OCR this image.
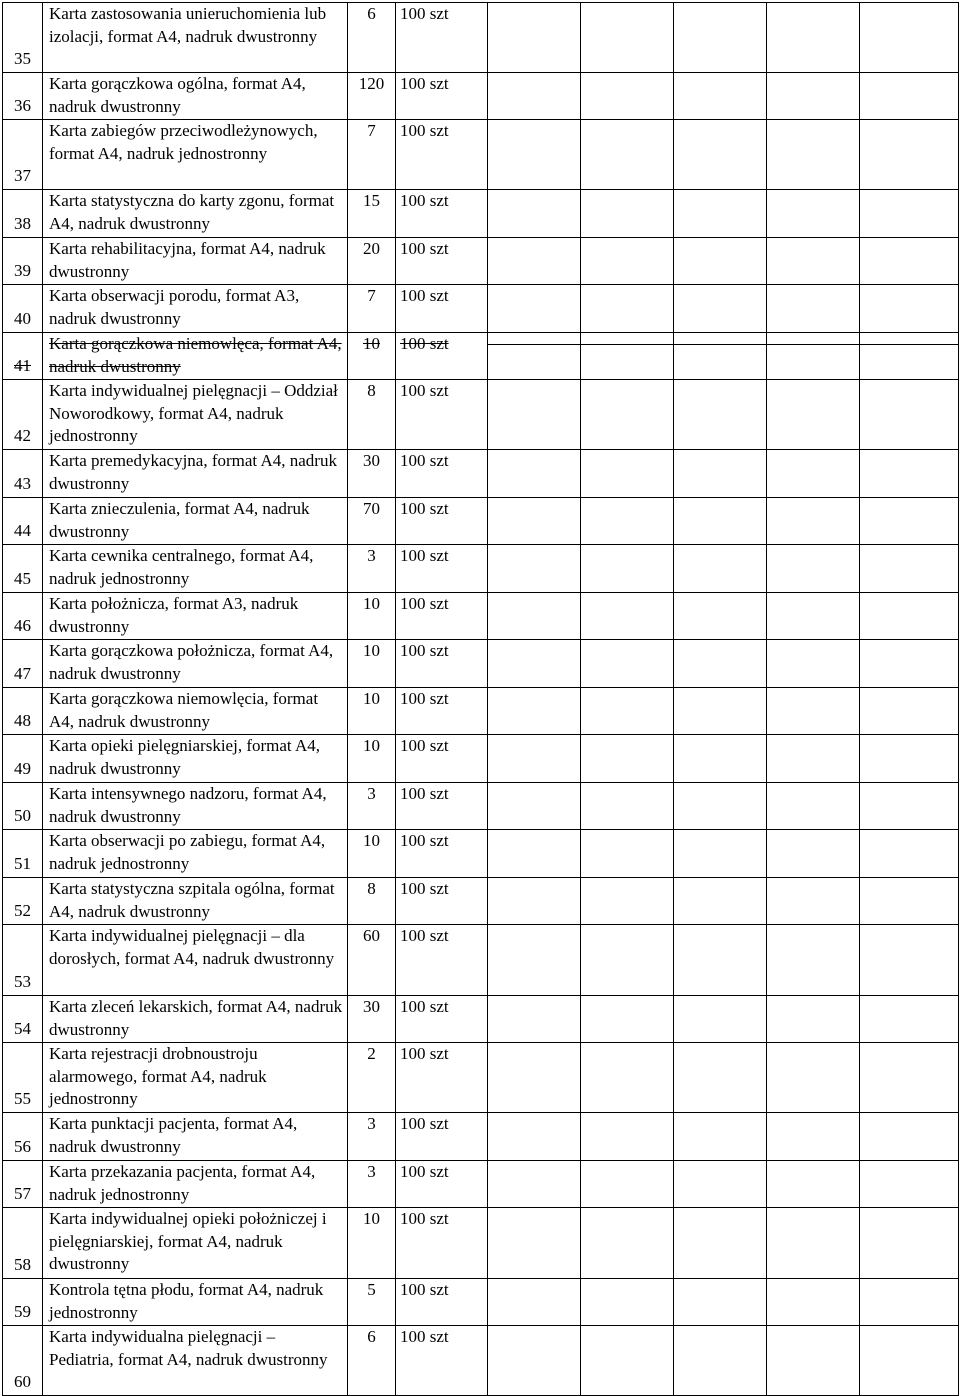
35	Karta zastosowania unieruchomienia lub izolacji, format A4, nadruk dwustronny	6	100 szt					
36	Karta gorączkowa ogólna, format A4, nadruk dwustronny	120	100 szt					
37	Karta zabiegów przeciwodleżynowych, format A4, nadruk jednostronny	7	100 szt					
38	Karta statystyczna do karty zgonu, format A4, nadruk dwustronny	15	100 szt					
39	Karta rehabilitacyjna, format A4, nadruk dwustronny	20	100 szt					
40	Karta obserwacji porodu, format A3, nadruk dwustronny	7	100 szt					
41	Karta gorączkowa niemowlęca, format A4, nadruk dwustronny	10	100 szt	

42	Karta indywidualnej pielęgnacji – Oddział Noworodkowy, format A4, nadruk jednostronny	8	100 szt					
43	Karta premedykacyjna, format A4, nadruk dwustronny	30	100 szt					
44	Karta znieczulenia, format A4, nadruk dwustronny	70	100 szt					
45	Karta cewnika centralnego, format A4, nadruk jednostronny	3	100 szt					
46	Karta położnicza, format A3, nadruk dwustronny	10	100 szt					
47	Karta gorączkowa położnicza, format A4, nadruk dwustronny	10	100 szt					
48	Karta gorączkowa niemowlęcia, format A4, nadruk dwustronny	10	100 szt					
49	Karta opieki pielęgniarskiej, format A4, nadruk dwustronny	10	100 szt					
50	Karta intensywnego nadzoru, format A4, nadruk dwustronny	3	100 szt					
51	Karta obserwacji po zabiegu, format A4, nadruk jednostronny	10	100 szt					
52	Karta statystyczna szpitala ogólna, format A4, nadruk dwustronny	8	100 szt					
53	Karta indywidualnej pielęgnacji – dla dorosłych, format A4, nadruk dwustronny	60	100 szt					
54	Karta zleceń lekarskich, format A4, nadruk dwustronny	30	100 szt					
55	Karta rejestracji drobnoustroju alarmowego, format A4, nadruk jednostronny	2	100 szt					
56	Karta punktacji pacjenta, format A4, nadruk dwustronny	3	100 szt					
57	Karta przekazania pacjenta, format A4, nadruk jednostronny	3	100 szt					
58	Karta indywidualnej opieki położniczej i pielęgniarskiej, format A4, nadruk dwustronny	10	100 szt					
59	Kontrola tętna płodu, format A4, nadruk jednostronny	5	100 szt					
60	Karta indywidualna pielęgnacji – Pediatria, format A4, nadruk dwustronny	6	100 szt					
